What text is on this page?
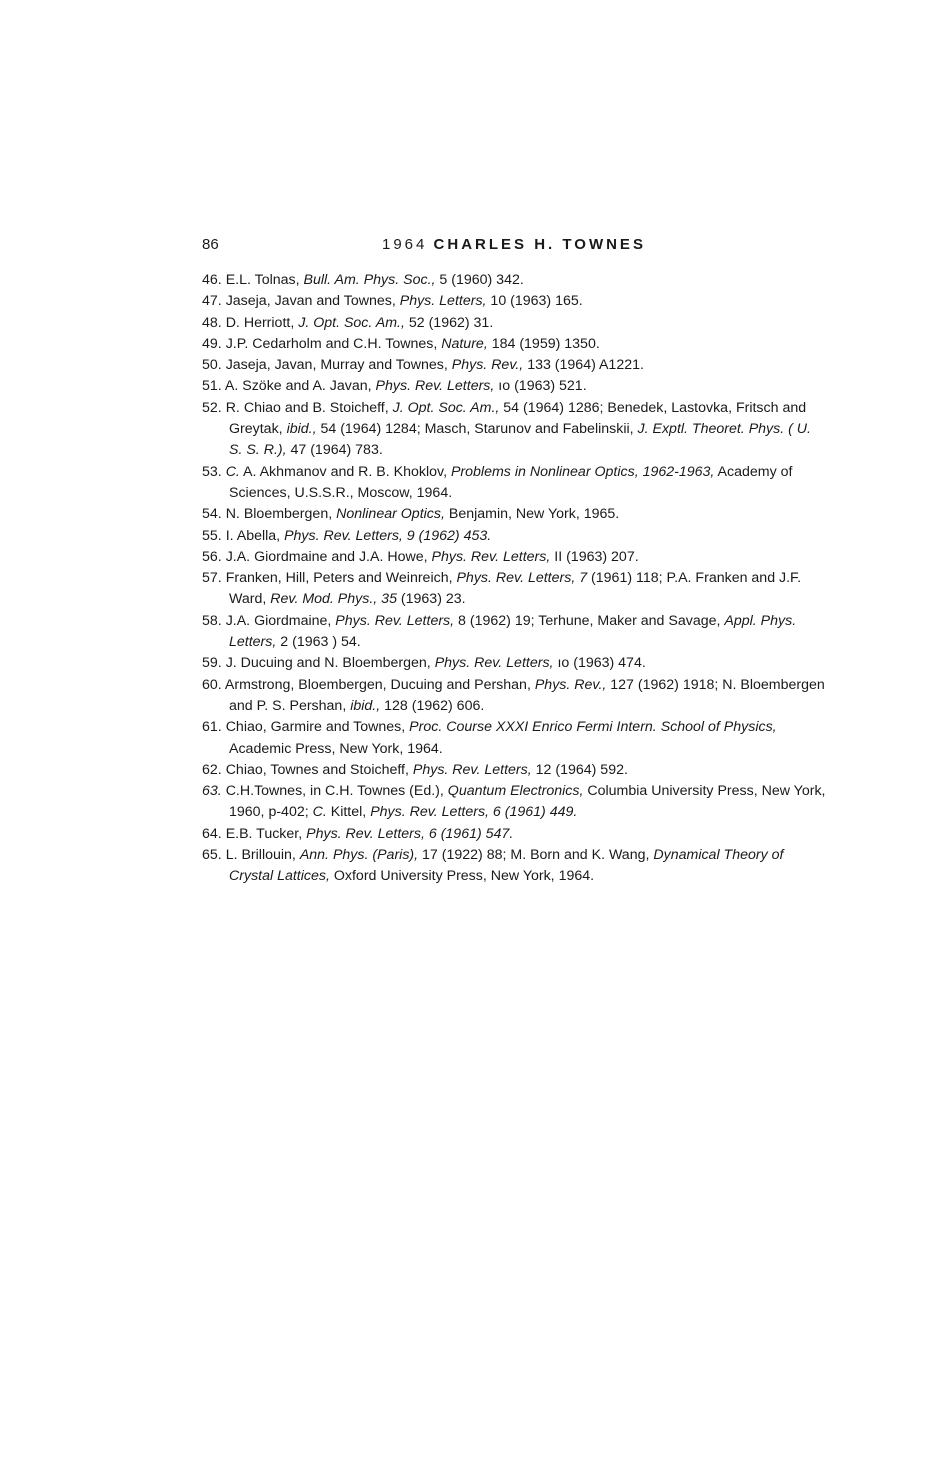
86	1964 CHARLES H. TOWNES
46. E.L. Tolnas, Bull. Am. Phys. Soc., 5 (1960) 342.
47. Jaseja, Javan and Townes, Phys. Letters, 10 (1963) 165.
48. D. Herriott, J. Opt. Soc. Am., 52 (1962) 31.
49. J.P. Cedarholm and C.H. Townes, Nature, 184 (1959) 1350.
50. Jaseja, Javan, Murray and Townes, Phys. Rev., 133 (1964) A1221.
51. A. Szöke and A. Javan, Phys. Rev. Letters, ıo (1963) 521.
52. R. Chiao and B. Stoicheff, J. Opt. Soc. Am., 54 (1964) 1286; Benedek, Lastovka, Fritsch and Greytak, ibid., 54 (1964) 1284; Masch, Starunov and Fabelinskii, J. Exptl. Theoret. Phys. ( U. S. S. R.), 47 (1964) 783.
53. C. A. Akhmanov and R. B. Khoklov, Problems in Nonlinear Optics, 1962-1963, Academy of Sciences, U.S.S.R., Moscow, 1964.
54. N. Bloembergen, Nonlinear Optics, Benjamin, New York, 1965.
55. I. Abella, Phys. Rev. Letters, 9 (1962) 453.
56. J.A. Giordmaine and J.A. Howe, Phys. Rev. Letters, II (1963) 207.
57. Franken, Hill, Peters and Weinreich, Phys. Rev. Letters, 7 (1961) 118; P.A. Franken and J.F. Ward, Rev. Mod. Phys., 35 (1963) 23.
58. J.A. Giordmaine, Phys. Rev. Letters, 8 (1962) 19; Terhune, Maker and Savage, Appl. Phys. Letters, 2 (1963 ) 54.
59. J. Ducuing and N. Bloembergen, Phys. Rev. Letters, ıo (1963) 474.
60. Armstrong, Bloembergen, Ducuing and Pershan, Phys. Rev., 127 (1962) 1918; N. Bloembergen and P. S. Pershan, ibid., 128 (1962) 606.
61. Chiao, Garmire and Townes, Proc. Course XXXI Enrico Fermi Intern. School of Physics, Academic Press, New York, 1964.
62. Chiao, Townes and Stoicheff, Phys. Rev. Letters, 12 (1964) 592.
63. C.H.Townes, in C.H. Townes (Ed.), Quantum Electronics, Columbia University Press, New York, 1960, p-402; C. Kittel, Phys. Rev. Letters, 6 (1961) 449.
64. E.B. Tucker, Phys. Rev. Letters, 6 (1961) 547.
65. L. Brillouin, Ann. Phys. (Paris), 17 (1922) 88; M. Born and K. Wang, Dynamical Theory of Crystal Lattices, Oxford University Press, New York, 1964.
